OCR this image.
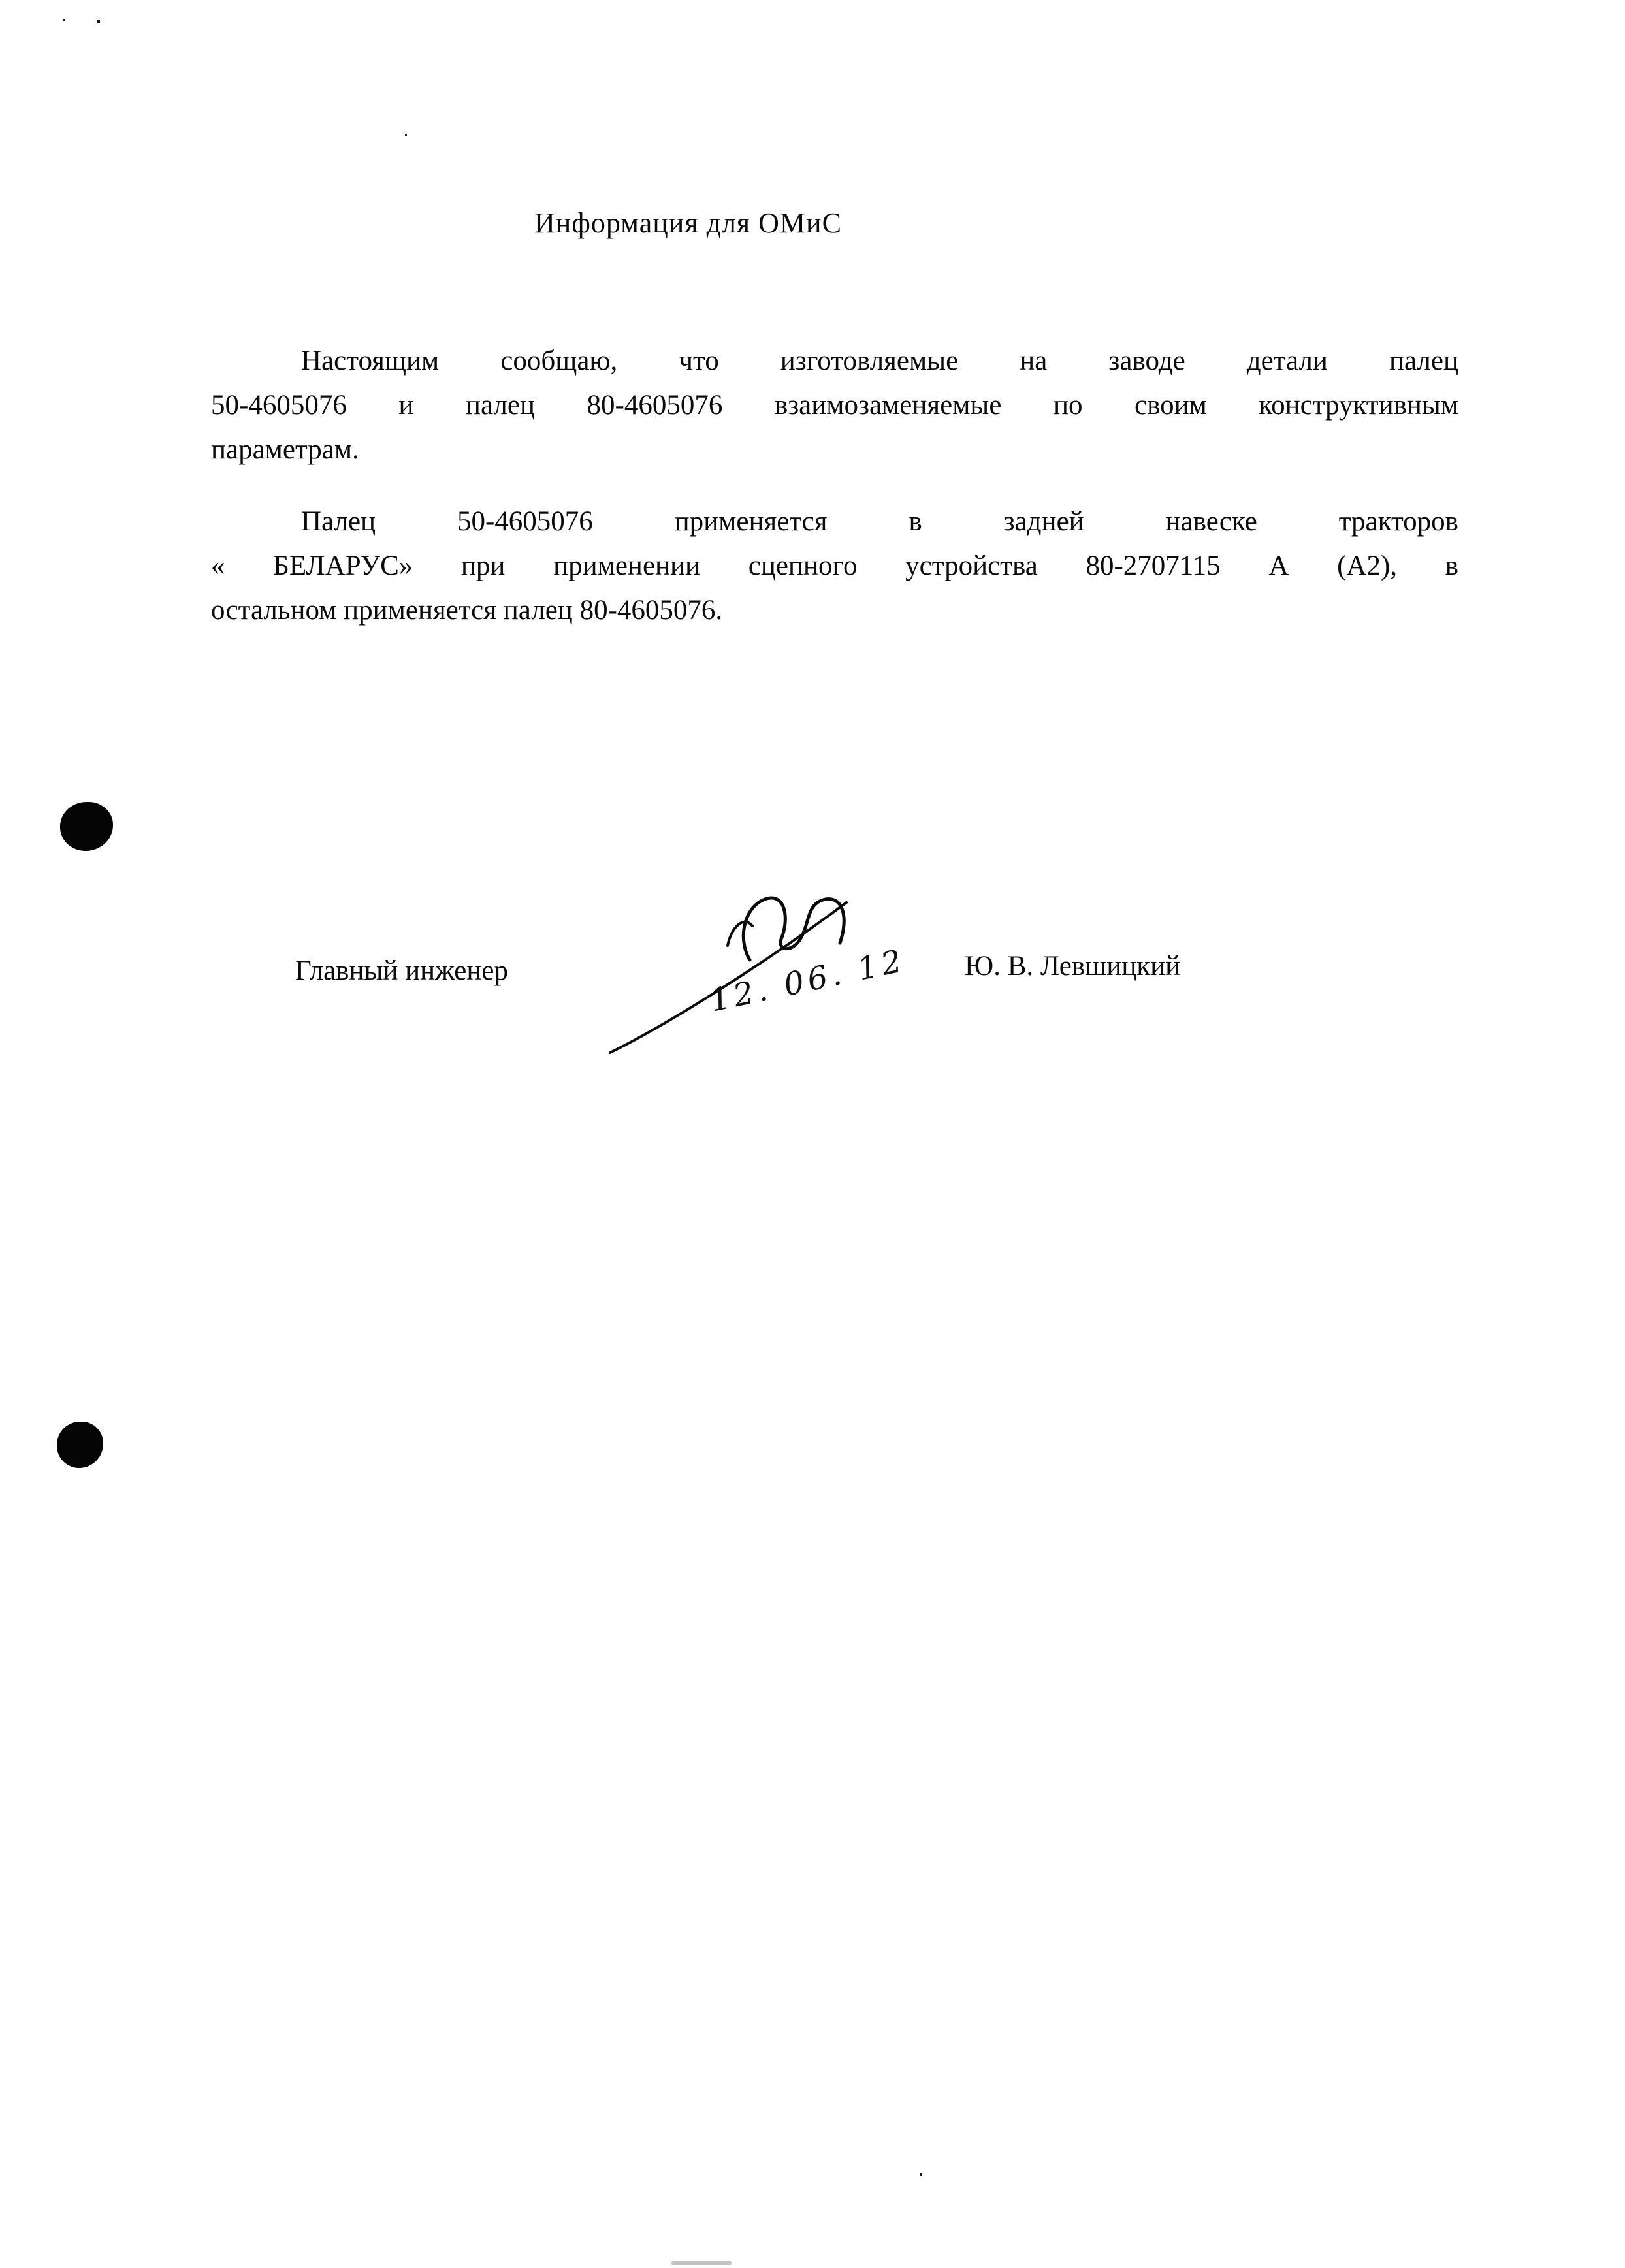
Информация для ОМиС
Настоящим сообщаю, что изготовляемые на заводе детали палец
50-4605076 и палец 80-4605076 взаимозаменяемые по своим конструктивным
параметрам.
Палец 50-4605076 применяется в задней навеске тракторов
« БЕЛАРУС» при применении сцепного устройства 80-2707115 А (А2), в
остальном применяется палец 80-4605076.
Главный инженер	12. 06. 12 Ю. В. Левшицкий
